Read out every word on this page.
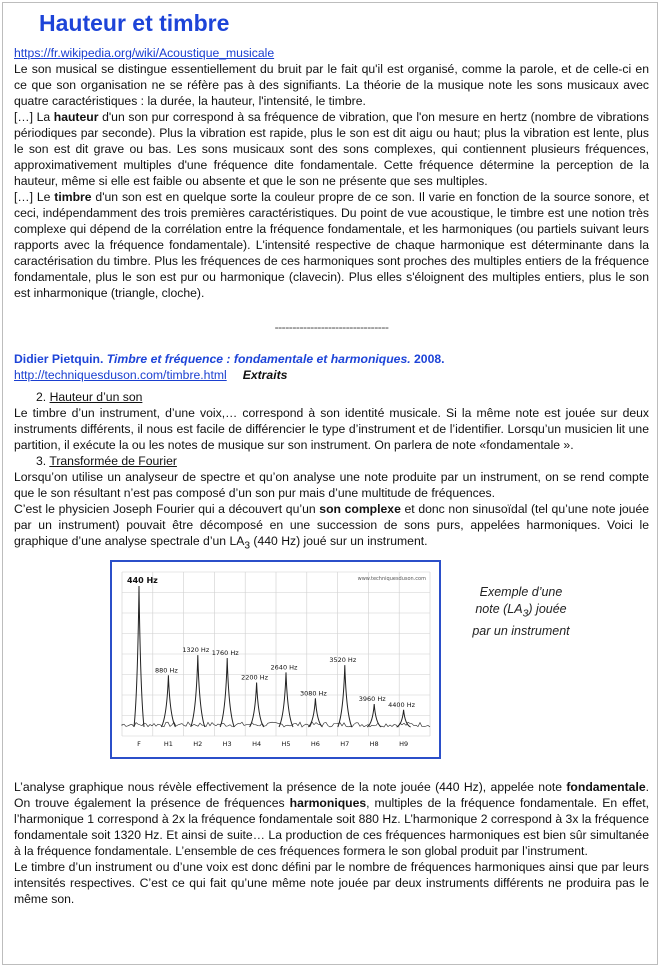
Hauteur et timbre
https://fr.wikipedia.org/wiki/Acoustique_musicale

Le son musical se distingue essentiellement du bruit par le fait qu'il est organisé, comme la parole, et de celle-ci en ce que son organisation ne se réfère pas à des signifiants. La théorie de la musique note les sons musicaux avec quatre caractéristiques : la durée, la hauteur, l'intensité, le timbre.

[…] La hauteur d'un son pur correspond à sa fréquence de vibration, que l'on mesure en hertz (nombre de vibrations périodiques par seconde). Plus la vibration est rapide, plus le son est dit aigu ou haut; plus la vibration est lente, plus le son est dit grave ou bas. Les sons musicaux sont des sons complexes, qui contiennent plusieurs fréquences, approximativement multiples d'une fréquence dite fondamentale. Cette fréquence détermine la perception de la hauteur, même si elle est faible ou absente et que le son ne présente que ses multiples.

[…] Le timbre d'un son est en quelque sorte la couleur propre de ce son. Il varie en fonction de la source sonore, et ceci, indépendamment des trois premières caractéristiques. Du point de vue acoustique, le timbre est une notion très complexe qui dépend de la corrélation entre la fréquence fondamentale, et les harmoniques (ou partiels suivant leurs rapports avec la fréquence fondamentale). L'intensité respective de chaque harmonique est déterminante dans la caractérisation du timbre. Plus les fréquences de ces harmoniques sont proches des multiples entiers de la fréquence fondamentale, plus le son est pur ou harmonique (clavecin). Plus elles s'éloignent des multiples entiers, plus le son est inharmonique (triangle, cloche).

--------------------------------
Didier Pietquin. Timbre et fréquence : fondamentale et harmoniques. 2008.
http://techniquesduson.com/timbre.html Extraits
2. Hauteur d’un son

Le timbre d’un instrument, d’une voix,… correspond à son identité musicale. Si la même note est jouée sur deux instruments différents, il nous est facile de différencier le type d’instrument et de l’identifier. Lorsqu’un musicien lit une partition, il exécute la ou les notes de musique sur son instrument. On parlera de note «fondamentale ».

3. Transformée de Fourier

Lorsqu’on utilise un analyseur de spectre et qu’on analyse une note produite par un instrument, on se rend compte que le son résultant n’est pas composé d’un son pur mais d’une multitude de fréquences.

C’est le physicien Joseph Fourier qui a découvert qu’un son complexe et donc non sinusoïdal (tel qu’une note jouée par un instrument) pouvait être décomposé en une succession de sons purs, appelées harmoniques. Voici le graphique d’une analyse spectrale d’un $LA_3$ (440 Hz) joué sur un instrument.

www.techniquesduson.com
440 Hz
F
880 Hz
H1
1320 Hz
H2
1760 Hz
H3
2200 Hz
H4
2640 Hz
H5
3080 Hz
H6
3520 Hz
H7
3960 Hz
H8
4400 Hz
H9
Exemple d’une
note $(LA_3)$ jouée
par un instrument

L’analyse graphique nous révèle effectivement la présence de la note jouée (440 Hz), appelée note fondamentale. On trouve également la présence de fréquences harmoniques, multiples de la fréquence fondamentale. En effet, l’harmonique 1 correspond à 2x la fréquence fondamentale soit 880 Hz. L’harmonique 2 correspond à 3x la fréquence fondamentale soit 1320 Hz. Et ainsi de suite… La production de ces fréquences harmoniques est bien sûr simultanée à la fréquence fondamentale. L’ensemble de ces fréquences formera le son global produit par l’instrument.

Le timbre d’un instrument ou d’une voix est donc défini par le nombre de fréquences harmoniques ainsi que par leurs intensités respectives. C’est ce qui fait qu’une même note jouée par deux instruments différents ne produira pas le même son.
